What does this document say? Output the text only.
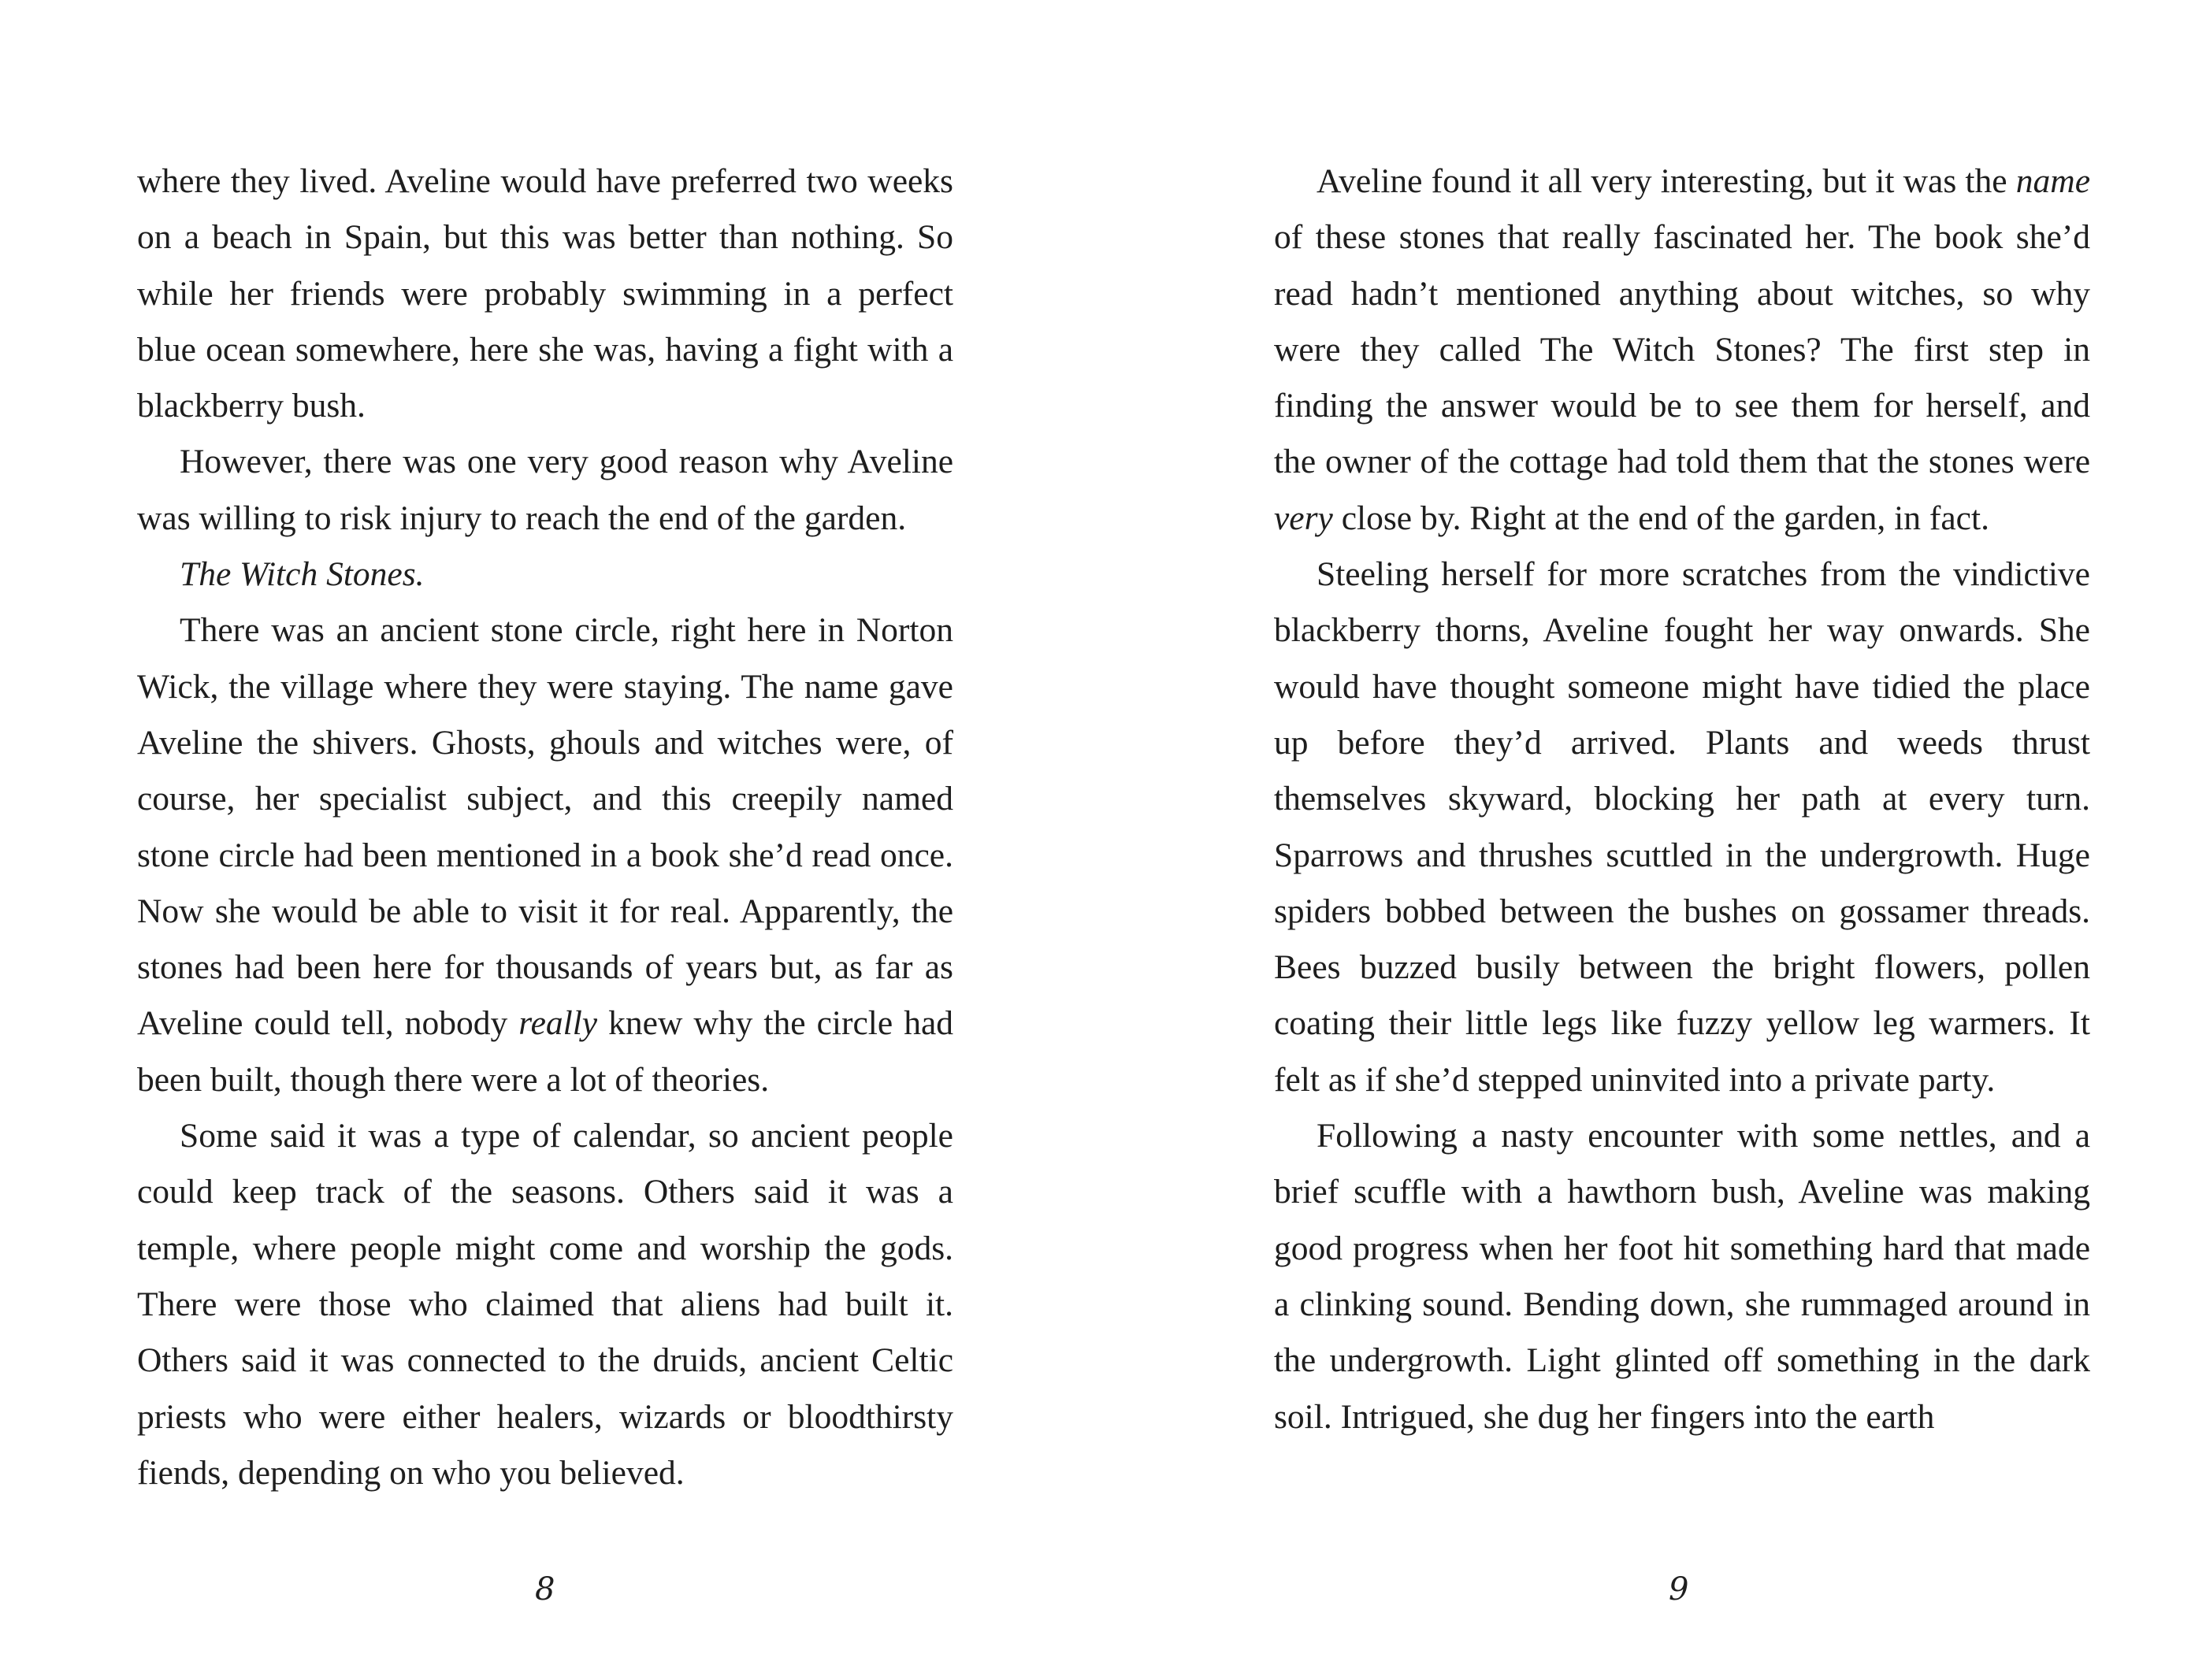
where they lived. Aveline would have preferred two weeks on a beach in Spain, but this was better than nothing. So while her friends were probably swimming in a perfect blue ocean somewhere, here she was, having a fight with a blackberry bush.

However, there was one very good reason why Aveline was willing to risk injury to reach the end of the garden.

The Witch Stones.

There was an ancient stone circle, right here in Norton Wick, the village where they were staying. The name gave Aveline the shivers. Ghosts, ghouls and witches were, of course, her specialist subject, and this creepily named stone circle had been mentioned in a book she’d read once. Now she would be able to visit it for real. Apparently, the stones had been here for thousands of years but, as far as Aveline could tell, nobody really knew why the circle had been built, though there were a lot of theories.

Some said it was a type of calendar, so ancient people could keep track of the seasons. Others said it was a temple, where people might come and worship the gods. There were those who claimed that aliens had built it. Others said it was connected to the druids, ancient Celtic priests who were either healers, wizards or bloodthirsty fiends, depending on who you believed.

8

Aveline found it all very interesting, but it was the name of these stones that really fascinated her. The book she’d read hadn’t mentioned anything about witches, so why were they called The Witch Stones? The first step in finding the answer would be to see them for herself, and the owner of the cottage had told them that the stones were very close by. Right at the end of the garden, in fact.

Steeling herself for more scratches from the vindictive blackberry thorns, Aveline fought her way onwards. She would have thought someone might have tidied the place up before they’d arrived. Plants and weeds thrust themselves skyward, blocking her path at every turn. Sparrows and thrushes scuttled in the undergrowth. Huge spiders bobbed between the bushes on gossamer threads. Bees buzzed busily between the bright flowers, pollen coating their little legs like fuzzy yellow leg warmers. It felt as if she’d stepped uninvited into a private party.

Following a nasty encounter with some nettles, and a brief scuffle with a hawthorn bush, Aveline was making good progress when her foot hit something hard that made a clinking sound. Bending down, she rummaged around in the undergrowth. Light glinted off something in the dark soil. Intrigued, she dug her fingers into the earth

9
